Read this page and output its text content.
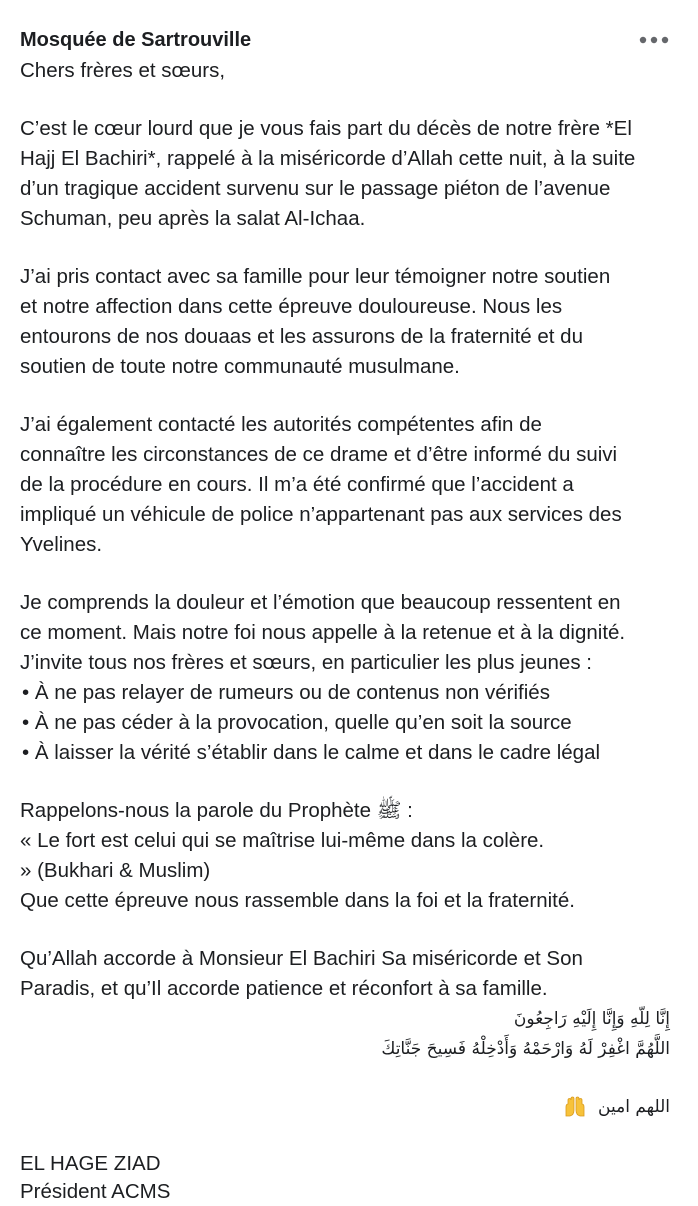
Mosquée de Sartrouville
Chers frères et sœurs,
C’est le cœur lourd que je vous fais part du décès de notre frère *El
Hajj El Bachiri*, rappelé à la miséricorde d’Allah cette nuit, à la suite
d’un tragique accident survenu sur le passage piéton de l’avenue
Schuman, peu après la salat Al-Ichaa.
J’ai pris contact avec sa famille pour leur témoigner notre soutien
et notre affection dans cette épreuve douloureuse. Nous les
entourons de nos douaas et les assurons de la fraternité et du
soutien de toute notre communauté musulmane.
J’ai également contacté les autorités compétentes afin de
connaître les circonstances de ce drame et d’être informé du suivi
de la procédure en cours. Il m’a été confirmé que l’accident a
impliqué un véhicule de police n’appartenant pas aux services des
Yvelines.
Je comprends la douleur et l’émotion que beaucoup ressentent en
ce moment. Mais notre foi nous appelle à la retenue et à la dignité.
J’invite tous nos frères et sœurs, en particulier les plus jeunes :
• À ne pas relayer de rumeurs ou de contenus non vérifiés
• À ne pas céder à la provocation, quelle qu’en soit la source
• À laisser la vérité s’établir dans le calme et dans le cadre légal
Rappelons-nous la parole du Prophète ﷺ :
« Le fort est celui qui se maîtrise lui-même dans la colère.
» (Bukhari & Muslim)
Que cette épreuve nous rassemble dans la foi et la fraternité.
Qu’Allah accorde à Monsieur El Bachiri Sa miséricorde et Son
Paradis, et qu’Il accorde patience et réconfort à sa famille.
إِنَّا لِلّهِ وَإِنَّا إِلَيْهِ رَاجِعُونَ
اللَّهُمَّ اغْفِرْ لَهُ وَارْحَمْهُ وَأَدْخِلْهُ فَسِيحَ جَنَّاتِكَ
اللهم امين
EL HAGE ZIAD
Président ACMS
